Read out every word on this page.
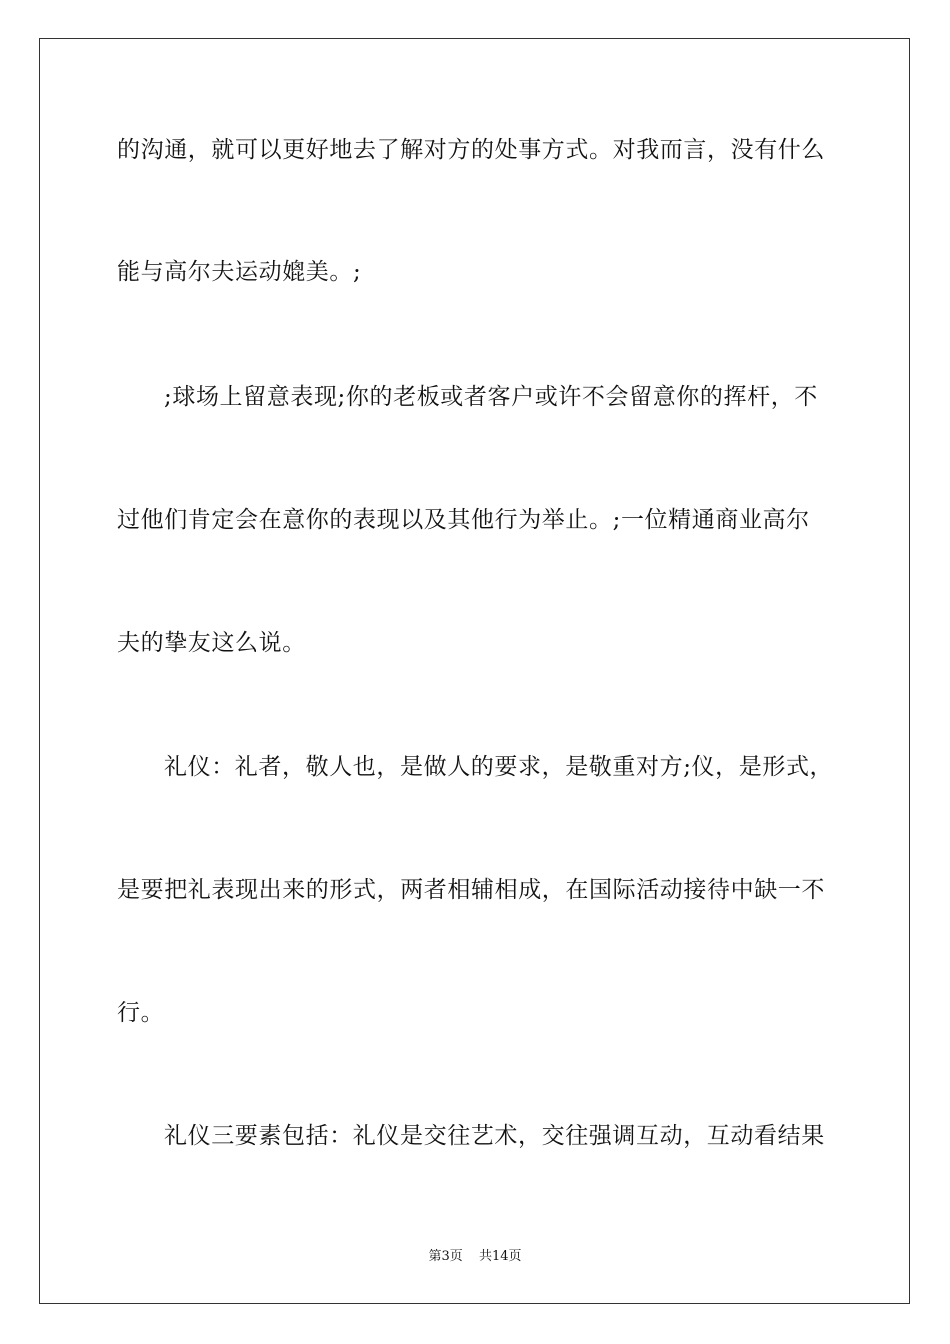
的沟通，就可以更好地去了解对方的处事方式。对我而言，没有什么
能与高尔夫运动媲美。;
;球场上留意表现;你的老板或者客户或许不会留意你的挥杆，不
过他们肯定会在意你的表现以及其他行为举止。;一位精通商业高尔
夫的挚友这么说。
礼仪：礼者，敬人也，是做人的要求，是敬重对方;仪，是形式，
是要把礼表现出来的形式，两者相辅相成，在国际活动接待中缺一不
行。
礼仪三要素包括：礼仪是交往艺术，交往强调互动，互动看结果
第3页 共14页
